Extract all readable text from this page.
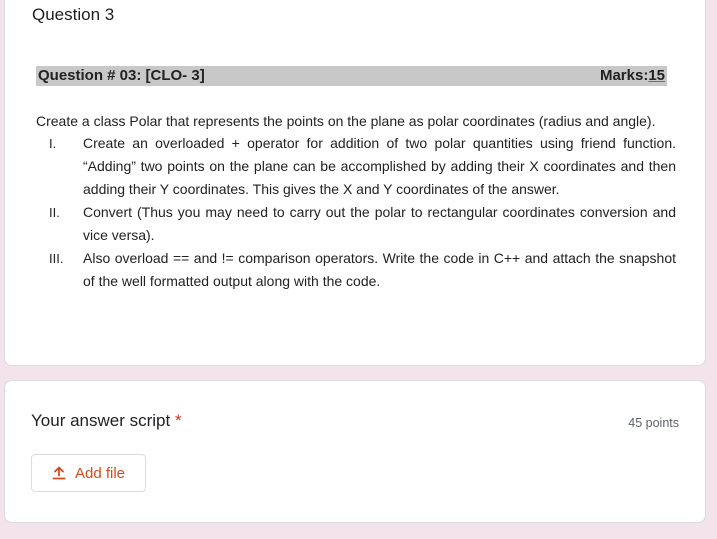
Question 3
Question # 03: [CLO- 3]	Marks:15

Create a class Polar that represents the points on the plane as polar coordinates (radius and angle).

I. Create an overloaded + operator for addition of two polar quantities using friend function. “Adding” two points on the plane can be accomplished by adding their X coordinates and then adding their Y coordinates. This gives the X and Y coordinates of the answer.
II. Convert (Thus you may need to carry out the polar to rectangular coordinates conversion and vice versa).
III. Also overload == and != comparison operators. Write the code in C++ and attach the snapshot of the well formatted output along with the code.
Your answer script *	45 points
Add file
